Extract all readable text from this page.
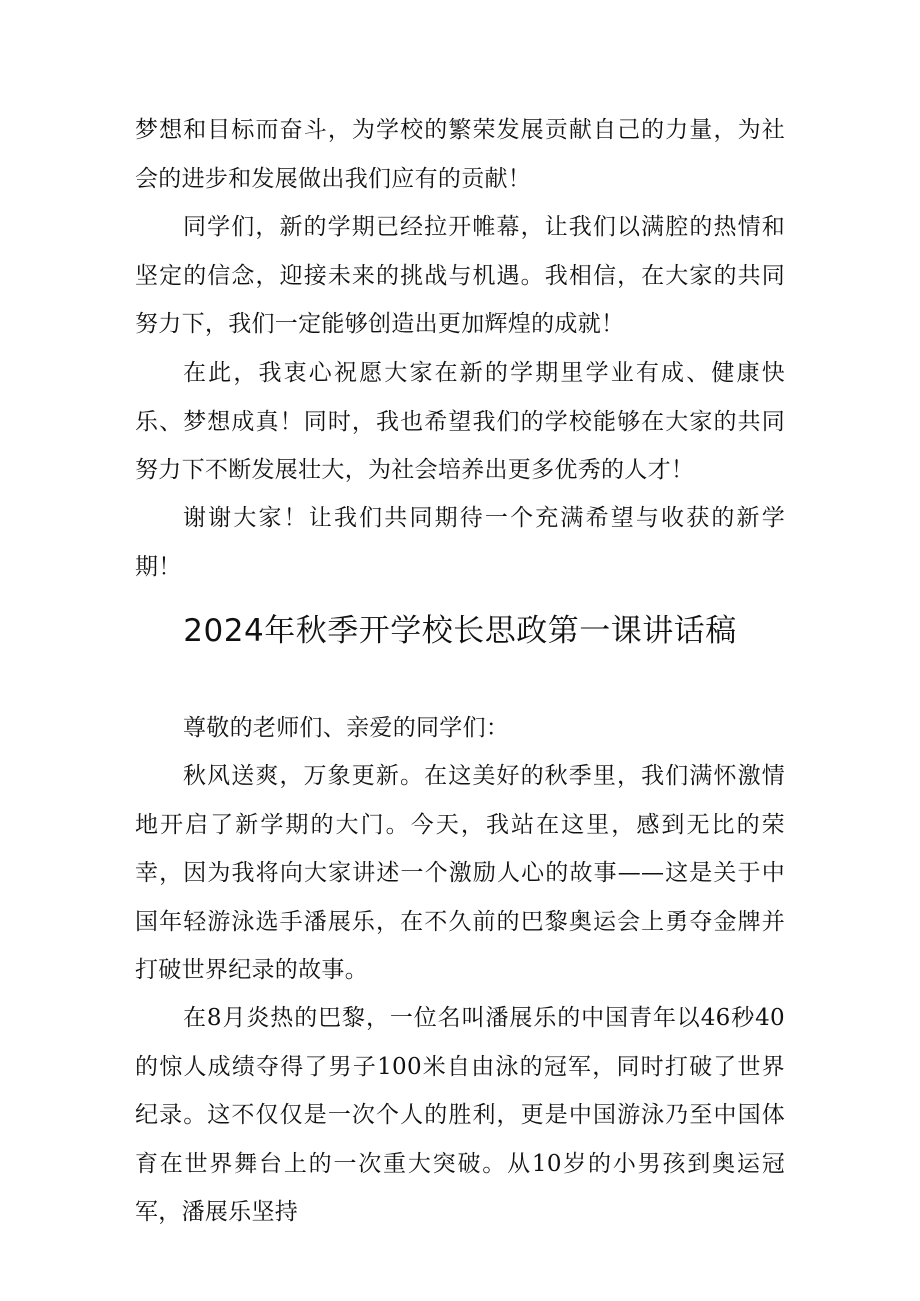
梦想和目标而奋斗，为学校的繁荣发展贡献自己的力量，为社会的进步和发展做出我们应有的贡献！

同学们，新的学期已经拉开帷幕，让我们以满腔的热情和坚定的信念，迎接未来的挑战与机遇。我相信，在大家的共同努力下，我们一定能够创造出更加辉煌的成就！

在此，我衷心祝愿大家在新的学期里学业有成、健康快乐、梦想成真！同时，我也希望我们的学校能够在大家的共同努力下不断发展壮大，为社会培养出更多优秀的人才！

谢谢大家！让我们共同期待一个充满希望与收获的新学期！

2024年秋季开学校长思政第一课讲话稿

尊敬的老师们、亲爱的同学们：

秋风送爽，万象更新。在这美好的秋季里，我们满怀激情地开启了新学期的大门。今天，我站在这里，感到无比的荣幸，因为我将向大家讲述一个激励人心的故事——这是关于中国年轻游泳选手潘展乐，在不久前的巴黎奥运会上勇夺金牌并打破世界纪录的故事。

在8月炎热的巴黎，一位名叫潘展乐的中国青年以46秒40的惊人成绩夺得了男子100米自由泳的冠军，同时打破了世界纪录。这不仅仅是一次个人的胜利，更是中国游泳乃至中国体育在世界舞台上的一次重大突破。从10岁的小男孩到奥运冠军，潘展乐坚持
